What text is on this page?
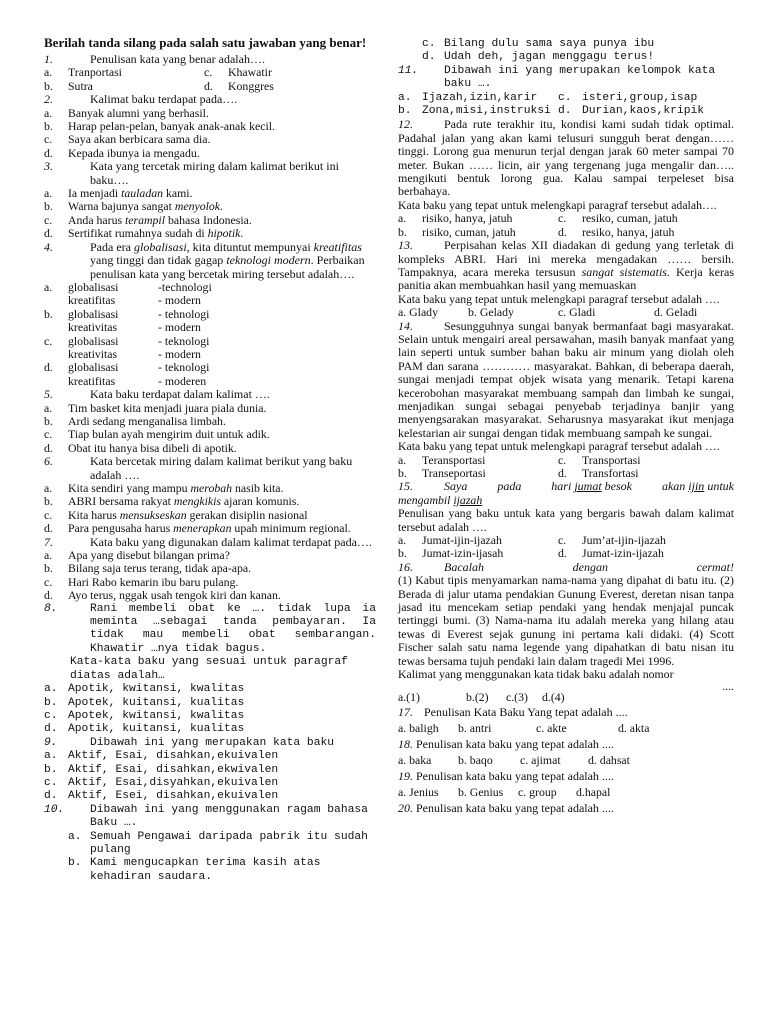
Berilah tanda silang pada salah satu jawaban yang benar!
1.	Penulisan kata yang benar adalah….
a. Tranportasi	c. Khawatir
b. Sutra	d. Konggres
2.	Kalimat baku terdapat pada….
a. Banyak alumni yang berhasil.
b. Harap pelan-pelan, banyak anak-anak kecil.
c. Saya akan berbicara sama dia.
d. Kepada ibunya ia mengadu.
3.	Kata yang tercetak miring dalam kalimat berikut ini baku….
a. Ia menjadi tauladan kami.
b. Warna bajunya sangat menyolok.
c. Anda harus terampil bahasa Indonesia.
d. Sertifikat rumahnya sudah di hipotik.
4.	Pada era globalisasi, kita dituntut mempunyai kreatifitas yang tinggi dan tidak gagap teknologi modern. Perbaikan penulisan kata yang bercetak miring tersebut adalah….
a. globalisasi	-technologi
kreatifitas	- modern
b. globalisasi	- tehnologi
kreativitas	- modern
c. globalisasi	- teknologi
kreativitas	- modern
d. globalisasi	- teknologi
kreatifitas	- moderen
5.	Kata baku terdapat dalam kalimat ….
a. Tim basket kita menjadi juara piala dunia.
b. Ardi sedang menganalisa limbah.
c. Tiap bulan ayah mengirim duit untuk adik.
d. Obat itu hanya bisa dibeli di apotik.
6.	Kata bercetak miring dalam kalimat berikut yang baku adalah ….
a. Kita sendiri yang mampu merobah nasib kita.
b. ABRI bersama rakyat mengkikis ajaran komunis.
c. Kita harus mensukseskan gerakan disiplin nasional
d. Para pengusaha harus menerapkan upah minimum regional.
7.	Kata baku yang digunakan dalam kalimat terdapat pada….
a. Apa yang disebut bilangan prima?
b. Bilang saja terus terang, tidak apa-apa.
c. Hari Rabo kemarin ibu baru pulang.
d. Ayo terus, nggak usah tengok kiri dan kanan.
8.	Rani membeli obat ke …. tidak lupa ia meminta …sebagai tanda pembayaran. Ia tidak mau membeli obat sembarangan. Khawatir …nya tidak bagus.
Kata-kata baku yang sesuai untuk paragraf diatas adalah…
a. Apotik, kwitansi, kwalitas
b. Apotek, kuitansi, kualitas
c. Apotek, kwitansi, kwalitas
d. Apotik, kuitansi, kualitas
9.	Dibawah ini yang merupakan kata baku
a. Aktif, Esai, disahkan,ekuivalen
b. Aktif, Esai, disahkan,ekwivalen
c. Aktif, Esai,disyahkan,ekuivalen
d. Aktif, Esei, disahkan,ekuivalen
10. Dibawah ini yang menggunakan ragam bahasa Baku ….
a. Semuah Pengawai daripada pabrik itu sudah pulang
b. Kami mengucapkan terima kasih atas kehadiran saudara.
c. Bilang dulu sama saya punya ibu
d. Udah deh, jagan menggagu terus!
11. Dibawah ini yang merupakan kelompok kata baku ….
a. Ijazah,izin,karir	c. isteri,group,isap
b. Zona,misi,instruksi d. Durian,kaos,kripik
12.	Pada rute terakhir itu, kondisi kami sudah tidak optimal. Padahal jalan yang akan kami telusuri sungguh berat dengan…… tinggi. Lorong gua menurun terjal dengan jarak 60 meter sampai 70 meter. Bukan …… licin, air yang tergenang juga mengalir dan….. mengikuti bentuk lorong gua. Kalau sampai terpeleset bisa berbahaya.
Kata baku yang tepat untuk melengkapi paragraf tersebut adalah….
a. risiko, hanya, jatuh	c. resiko, cuman, jatuh
b. risiko, cuman, jatuh	d. resiko, hanya, jatuh
13.	Perpisahan kelas XII diadakan di gedung yang terletak di kompleks ABRI. Hari ini mereka mengadakan …… bersih. Tampaknya, acara mereka tersusun sangat sistematis. Kerja keras panitia akan membuahkan hasil yang memuaskan
Kata baku yang tepat untuk melengkapi paragraf tersebut adalah ….
a. Glady	b. Gelady	c. Gladi	d. Geladi
14.	Sesungguhnya sungai banyak bermanfaat bagi masyarakat. Selain untuk mengairi areal persawahan, masih banyak manfaat yang lain seperti untuk sumber bahan baku air minum yang diolah oleh PAM dan sarana ………… masyarakat. Bahkan, di beberapa daerah, sungai menjadi tempat objek wisata yang menarik. Tetapi karena kecerobohan masyarakat membuang sampah dan limbah ke sungai, menjadikan sungai sebagai penyebab terjadinya banjir yang menyengsarakan masyarakat. Seharusnya masyarakat ikut menjaga kelestarian air sungai dengan tidak membuang sampah ke sungai.
Kata baku yang tepat untuk melengkapi paragraf tersebut adalah ….
a. Teransportasi	c. Transportasi
b. Transeportasi	d. Transfortasi
15.	Saya pada hari jumat besok akan ijin untuk
mengambil ijazah
Penulisan yang baku untuk kata yang bergaris bawah dalam kalimat tersebut adalah ….
a. Jumat-ijin-ijazah	c. Jum’at-ijin-ijazah
b. Jumat-izin-ijasah	d. Jumat-izin-ijazah
16.	Bacalah	dengan	cermat!
(1) Kabut tipis menyamarkan nama-nama yang dipahat di batu itu. (2) Berada di jalur utama pendakian Gunung Everest, deretan nisan tanpa jasad itu mencekam setiap pendaki yang hendak menjajal puncak tertinggi bumi. (3) Nama-nama itu adalah mereka yang hilang atau tewas di Everest sejak gunung ini pertama kali didaki. (4) Scott Fischer salah satu nama legende yang dipahatkan di batu nisan itu tewas bersama tujuh pendaki lain dalam tragedi Mei 1996.
Kalimat yang menggunakan kata tidak baku adalah nomor
....
a.(1)	b.(2)	c.(3)	d.(4)
17. Penulisan Kata Baku Yang tepat adalah ....
a. baligh	b. antri	c. akte	d. akta
18. Penulisan kata baku yang tepat adalah ....
a. baka	b. baqo	c. ajimat	d. dahsat
19. Penulisan kata baku yang tepat adalah ....
a. Jenius	b. Genius	c. group	d.hapal
20. Penulisan kata baku yang tepat adalah ....
